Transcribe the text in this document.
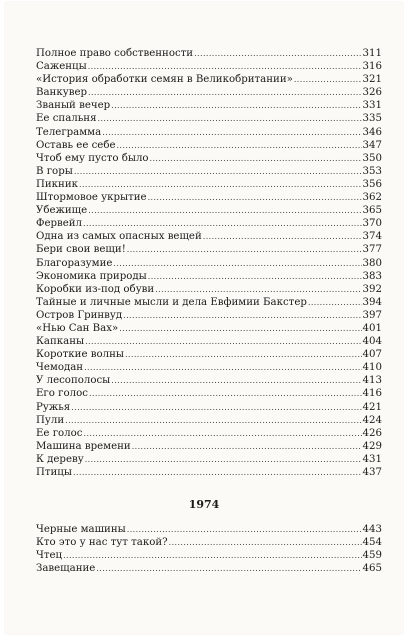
Полное право собственности .....	311
Саженцы .....	316
«История обработки семян в Великобритании» .....	321
Ванкувер .....	326
Званый вечер .....	331
Ее спальня .....	335
Телеграмма .....	346
Оставь ее себе .....	347
Чтоб ему пусто было .....	350
В горы .....	353
Пикник .....	356
Штормовое укрытие .....	362
Убежище .....	365
Фервейл .....	370
Одна из самых опасных вещей .....	374
Бери свои вещи! .....	377
Благоразумие .....	380
Экономика природы .....	383
Коробки из-под обуви .....	392
Тайные и личные мысли и дела Евфимии Бакстер .....	394
Остров Гринвуд .....	397
«Нью Сан Вах» .....	401
Капканы .....	404
Короткие волны .....	407
Чемодан .....	410
У лесополосы .....	413
Его голос .....	416
Ружья .....	421
Пули .....	424
Ее голос .....	426
Машина времени .....	429
К дереву .....	431
Птицы .....	437
1974
Черные машины .....	443
Кто это у нас тут такой? .....	454
Чтец .....	459
Завещание .....	465
